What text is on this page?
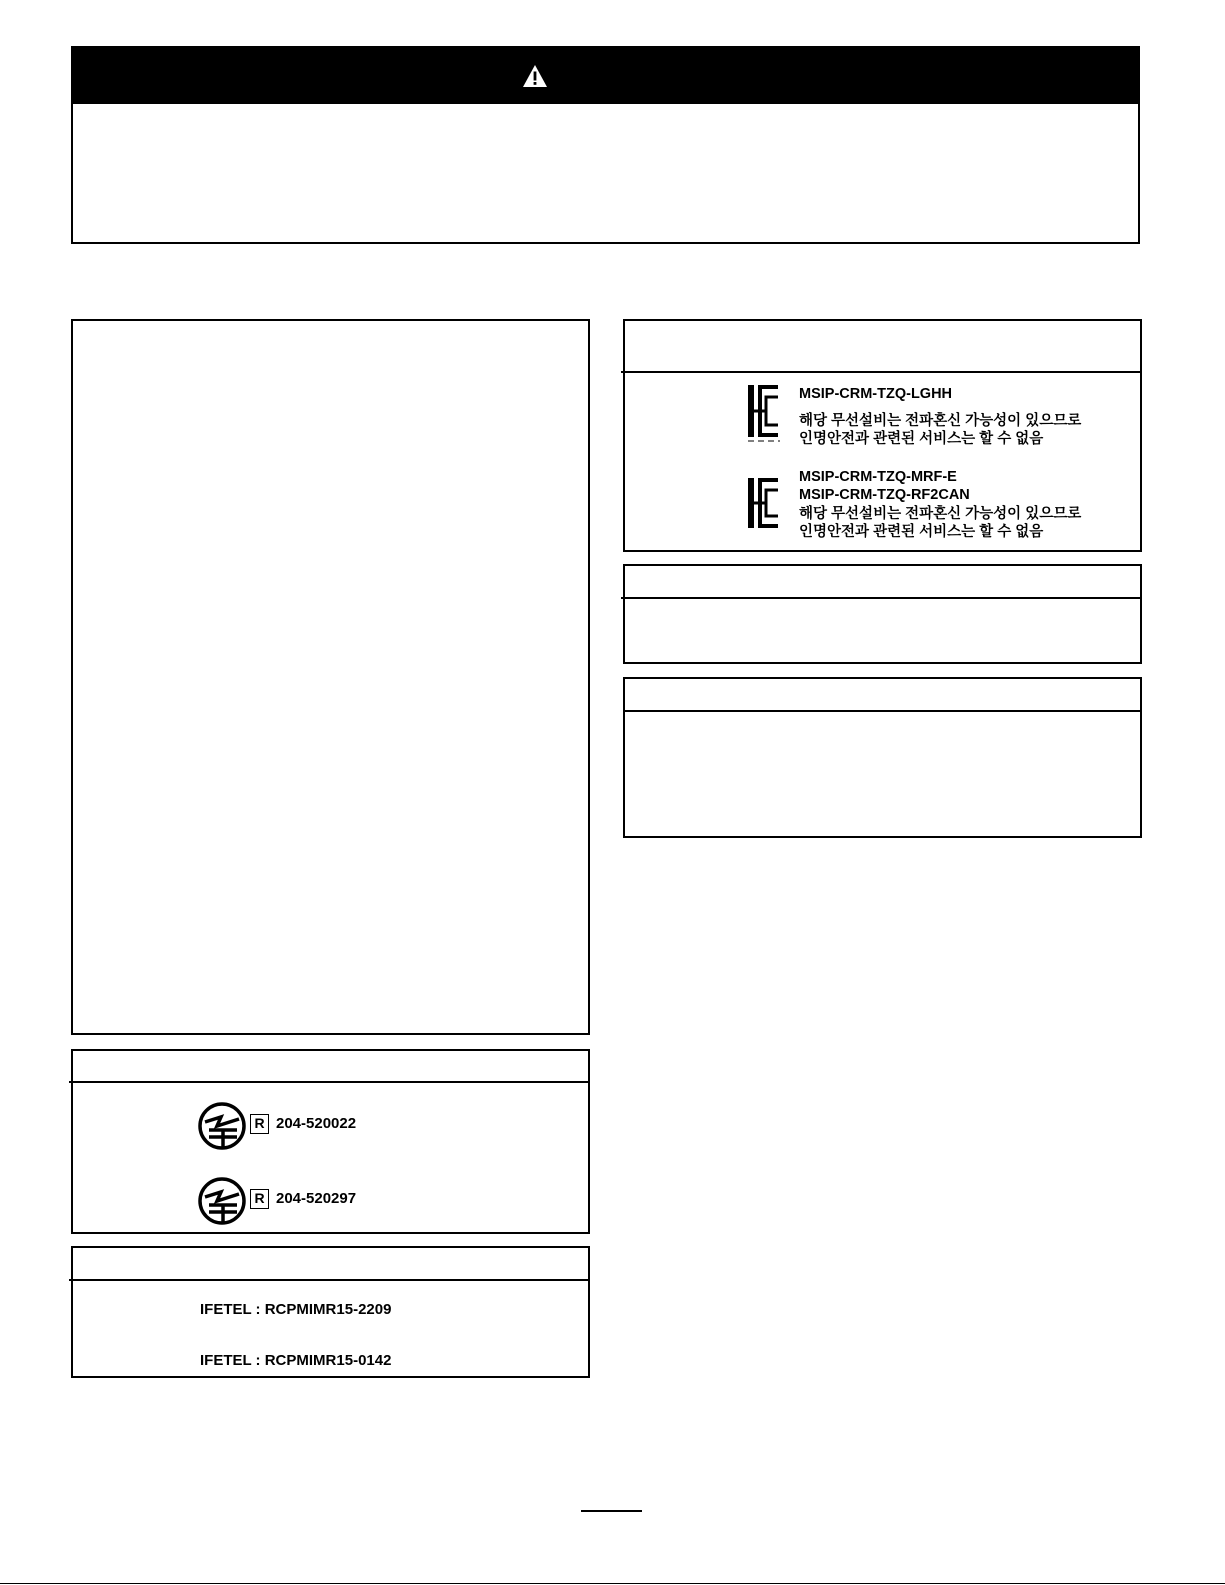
R 204-520022
R 204-520297
IFETEL : RCPMIMR15-2209
IFETEL : RCPMIMR15-0142
MSIP-CRM-TZQ-LGHH
해당 무선설비는 전파혼신 가능성이 있으므로
인명안전과 관련된 서비스는 할 수 없음
MSIP-CRM-TZQ-MRF-E
MSIP-CRM-TZQ-RF2CAN
해당 무선설비는 전파혼신 가능성이 있으므로
인명안전과 관련된 서비스는 할 수 없음
